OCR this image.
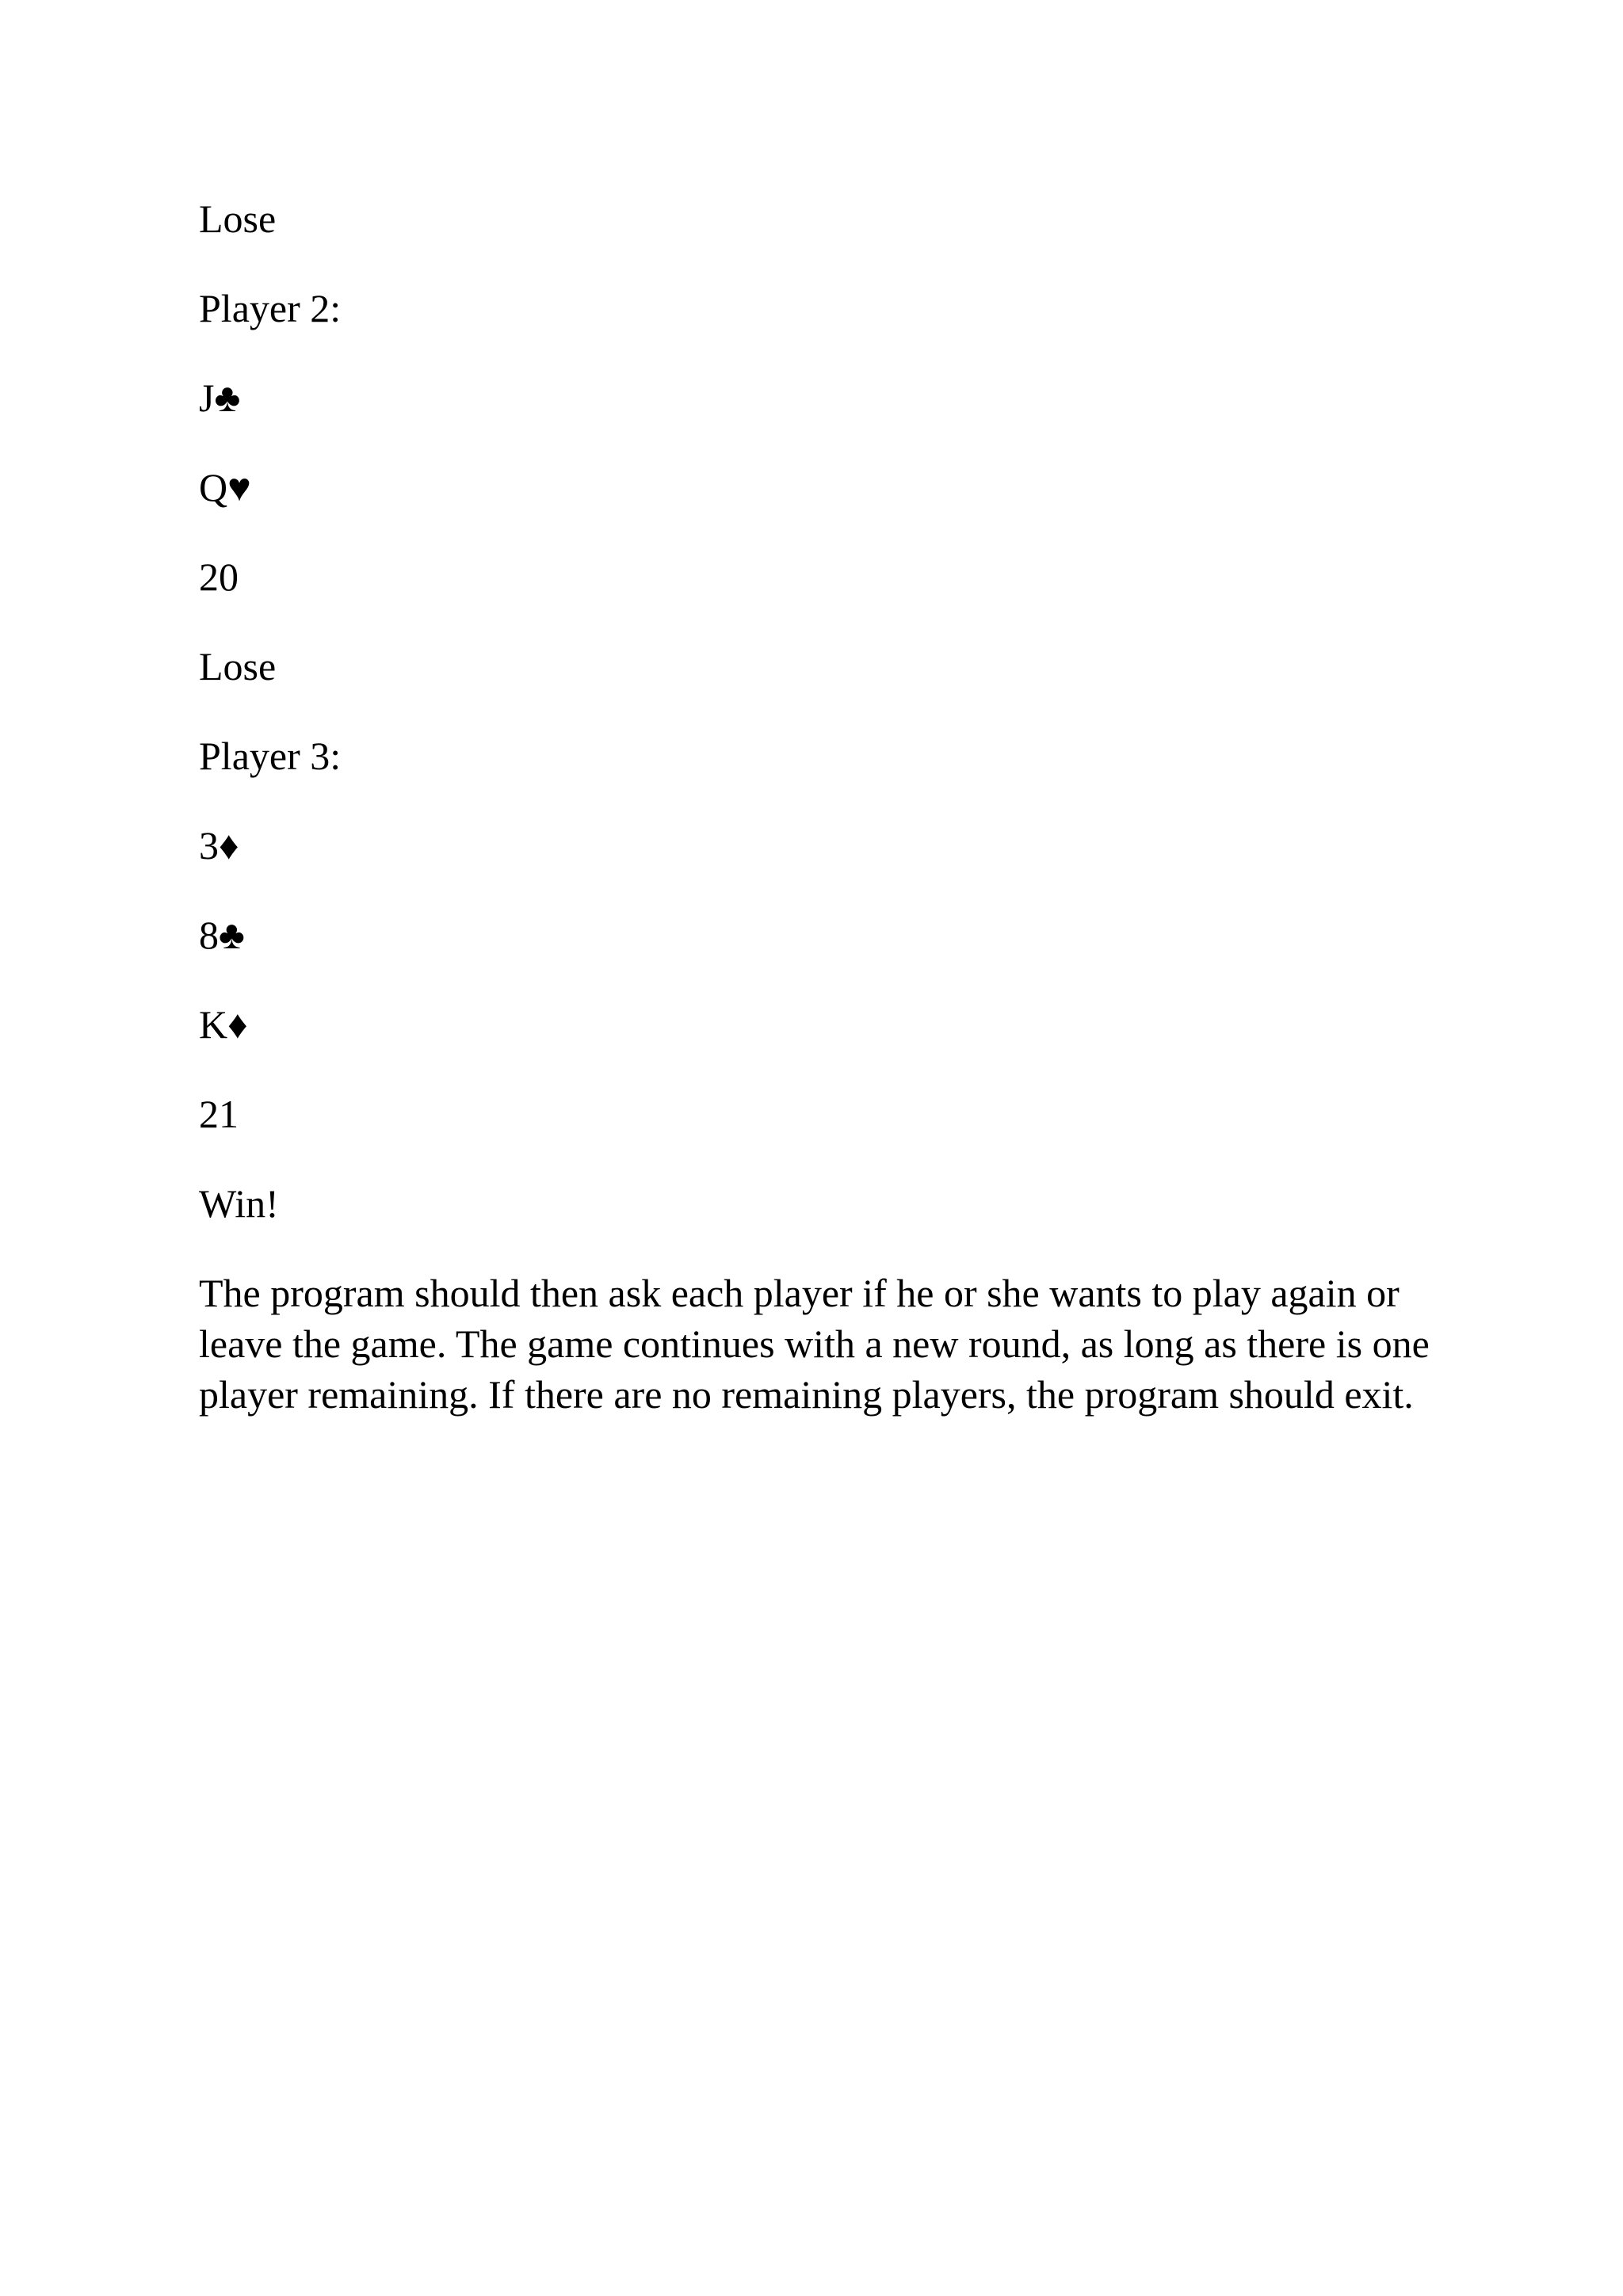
Lose

Player 2:

J♣

Q♥

20

Lose

Player 3:

3♦

8♣

K♦

21

Win!

The program should then ask each player if he or she wants to play again or leave the game. The game continues with a new round, as long as there is one player remaining. If there are no remaining players, the program should exit.
